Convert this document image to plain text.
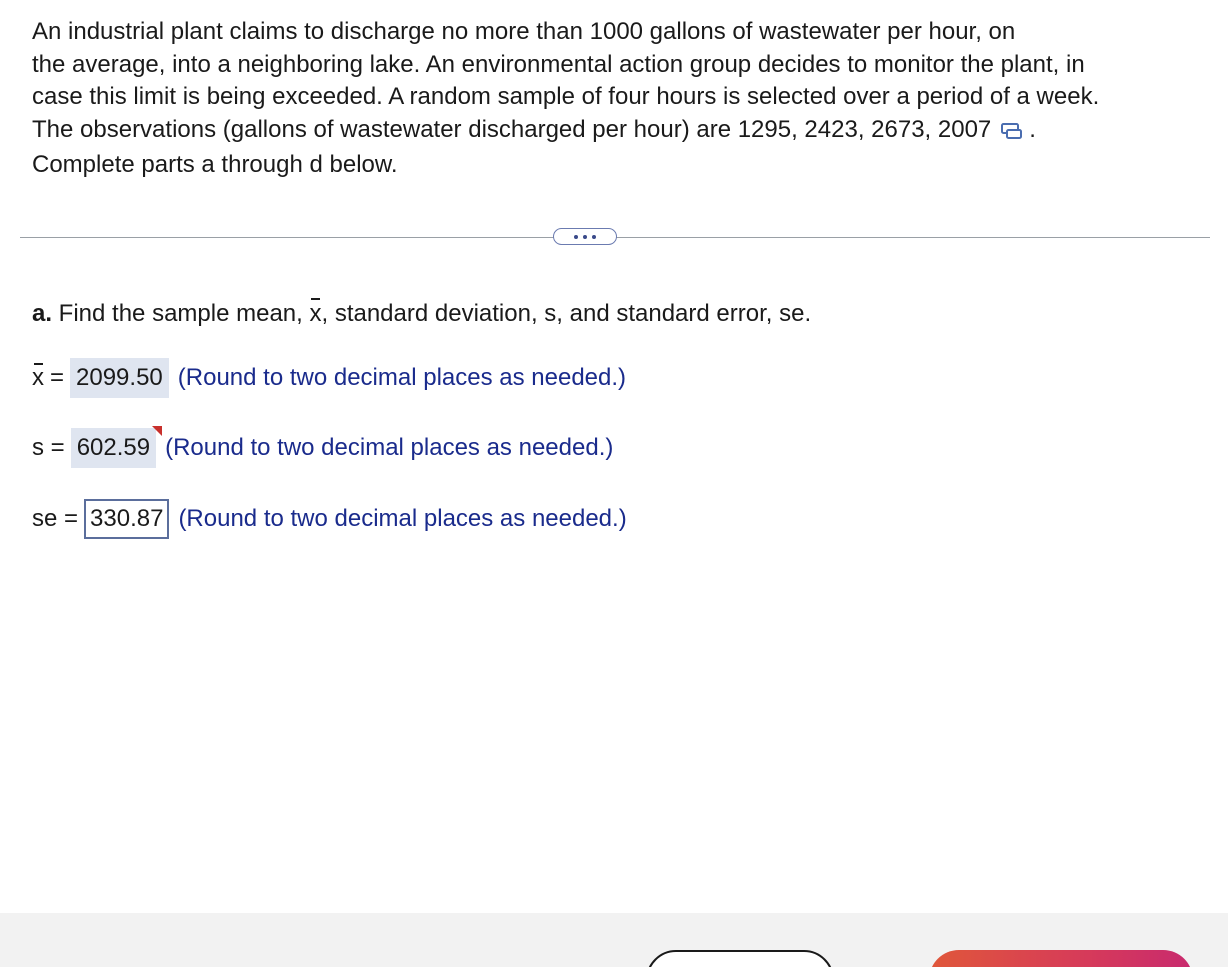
An industrial plant claims to discharge no more than 1000 gallons of wastewater per hour, on
the average, into a neighboring lake. An environmental action group decides to monitor the plant, in
case this limit is being exceeded. A random sample of four hours is selected over a period of a week.
The observations (gallons of wastewater discharged per hour) are 1295, 2423, 2673, 2007 .
Complete parts a through d below.
a. Find the sample mean, x, standard deviation, s, and standard error, se.
x = 2099.50 (Round to two decimal places as needed.)
s = 602.59 (Round to two decimal places as needed.)
se = 330.87 (Round to two decimal places as needed.)
